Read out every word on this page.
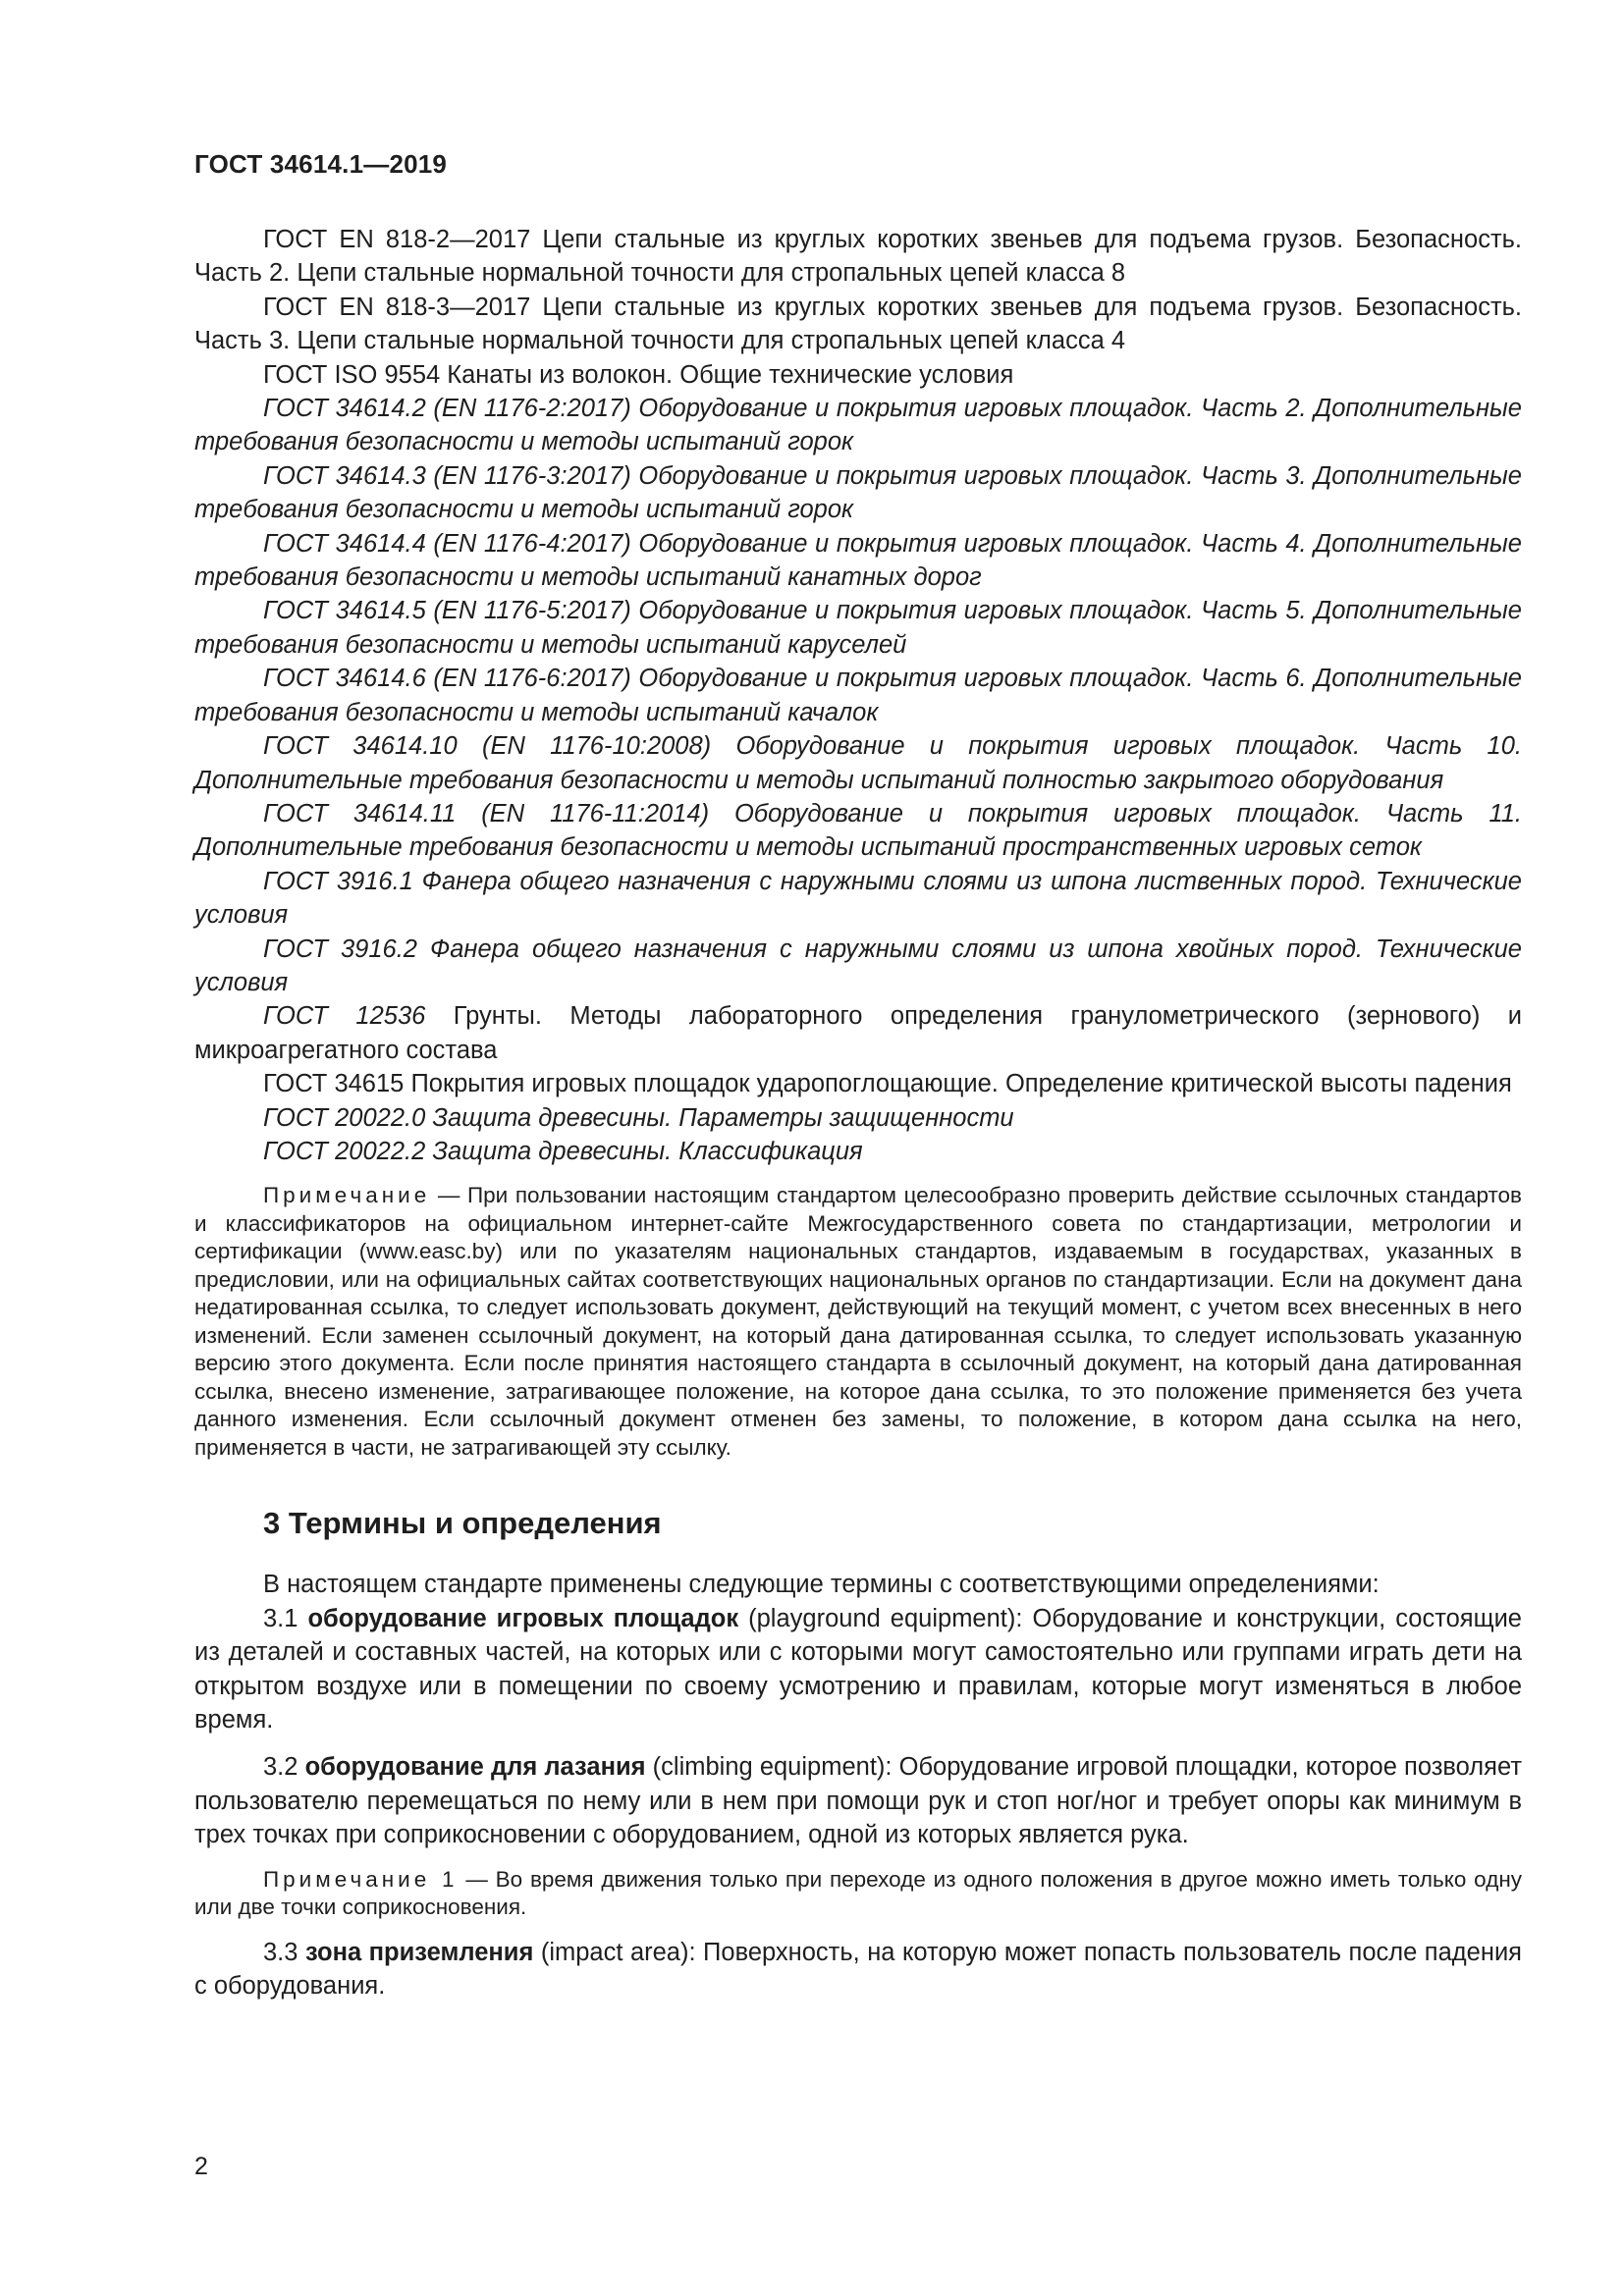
ГОСТ 34614.1—2019

ГОСТ EN 818-2—2017 Цепи стальные из круглых коротких звеньев для подъема грузов. Безопасность. Часть 2. Цепи стальные нормальной точности для стропальных цепей класса 8

ГОСТ EN 818-3—2017 Цепи стальные из круглых коротких звеньев для подъема грузов. Безопасность. Часть 3. Цепи стальные нормальной точности для стропальных цепей класса 4

ГОСТ ISO 9554 Канаты из волокон. Общие технические условия

ГОСТ 34614.2 (EN 1176-2:2017) Оборудование и покрытия игровых площадок. Часть 2. Дополнительные требования безопасности и методы испытаний горок

ГОСТ 34614.3 (EN 1176-3:2017) Оборудование и покрытия игровых площадок. Часть 3. Дополнительные требования безопасности и методы испытаний горок

ГОСТ 34614.4 (EN 1176-4:2017) Оборудование и покрытия игровых площадок. Часть 4. Дополнительные требования безопасности и методы испытаний канатных дорог

ГОСТ 34614.5 (EN 1176-5:2017) Оборудование и покрытия игровых площадок. Часть 5. Дополнительные требования безопасности и методы испытаний каруселей

ГОСТ 34614.6 (EN 1176-6:2017) Оборудование и покрытия игровых площадок. Часть 6. Дополнительные требования безопасности и методы испытаний качалок

ГОСТ 34614.10 (EN 1176-10:2008) Оборудование и покрытия игровых площадок. Часть 10. Дополнительные требования безопасности и методы испытаний полностью закрытого оборудования

ГОСТ 34614.11 (EN 1176-11:2014) Оборудование и покрытия игровых площадок. Часть 11. Дополнительные требования безопасности и методы испытаний пространственных игровых сеток

ГОСТ 3916.1 Фанера общего назначения с наружными слоями из шпона лиственных пород. Технические условия

ГОСТ 3916.2 Фанера общего назначения с наружными слоями из шпона хвойных пород. Технические условия

ГОСТ 12536 Грунты. Методы лабораторного определения гранулометрического (зернового) и микроагрегатного состава

ГОСТ 34615 Покрытия игровых площадок ударопоглощающие. Определение критической высоты падения

ГОСТ 20022.0 Защита древесины. Параметры защищенности

ГОСТ 20022.2 Защита древесины. Классификация

Примечание — При пользовании настоящим стандартом целесообразно проверить действие ссылочных стандартов и классификаторов на официальном интернет-сайте Межгосударственного совета по стандартизации, метрологии и сертификации (www.easc.by) или по указателям национальных стандартов, издаваемым в государствах, указанных в предисловии, или на официальных сайтах соответствующих национальных органов по стандартизации. Если на документ дана недатированная ссылка, то следует использовать документ, действующий на текущий момент, с учетом всех внесенных в него изменений. Если заменен ссылочный документ, на который дана датированная ссылка, то следует использовать указанную версию этого документа. Если после принятия настоящего стандарта в ссылочный документ, на который дана датированная ссылка, внесено изменение, затрагивающее положение, на которое дана ссылка, то это положение применяется без учета данного изменения. Если ссылочный документ отменен без замены, то положение, в котором дана ссылка на него, применяется в части, не затрагивающей эту ссылку.

3 Термины и определения

В настоящем стандарте применены следующие термины с соответствующими определениями:

3.1 оборудование игровых площадок (playground equipment): Оборудование и конструкции, состоящие из деталей и составных частей, на которых или с которыми могут самостоятельно или группами играть дети на открытом воздухе или в помещении по своему усмотрению и правилам, которые могут изменяться в любое время.

3.2 оборудование для лазания (climbing equipment): Оборудование игровой площадки, которое позволяет пользователю перемещаться по нему или в нем при помощи рук и стоп ног/ног и требует опоры как минимум в трех точках при соприкосновении с оборудованием, одной из которых является рука.

Примечание 1 — Во время движения только при переходе из одного положения в другое можно иметь только одну или две точки соприкосновения.

3.3 зона приземления (impact area): Поверхность, на которую может попасть пользователь после падения с оборудования.

2
